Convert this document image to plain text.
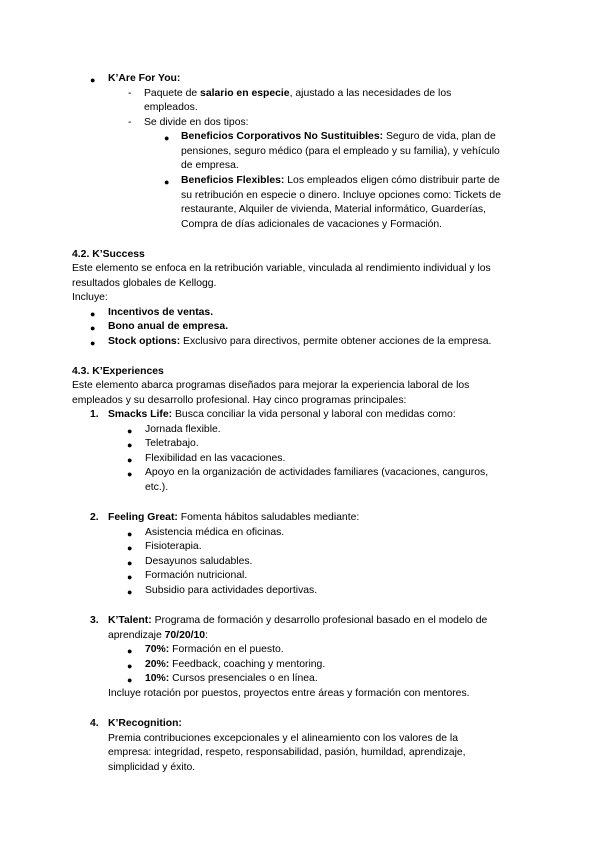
● K’Are For You:
- Paquete de salario en especie, ajustado a las necesidades de los
empleados.
- Se divide en dos tipos:
● Beneficios Corporativos No Sustituibles: Seguro de vida, plan de
pensiones, seguro médico (para el empleado y su familia), y vehículo
de empresa.
● Beneficios Flexibles: Los empleados eligen cómo distribuir parte de
su retribución en especie o dinero. Incluye opciones como: Tickets de
restaurante, Alquiler de vivienda, Material informático, Guarderías,
Compra de días adicionales de vacaciones y Formación.
4.2. K’Success
Este elemento se enfoca en la retribución variable, vinculada al rendimiento individual y los
resultados globales de Kellogg.
Incluye:
● Incentivos de ventas.
● Bono anual de empresa.
● Stock options: Exclusivo para directivos, permite obtener acciones de la empresa.
4.3. K’Experiences
Este elemento abarca programas diseñados para mejorar la experiencia laboral de los
empleados y su desarrollo profesional. Hay cinco programas principales:
1. Smacks Life: Busca conciliar la vida personal y laboral con medidas como:
● Jornada flexible.
● Teletrabajo.
● Flexibilidad en las vacaciones.
● Apoyo en la organización de actividades familiares (vacaciones, canguros,
etc.).
2. Feeling Great: Fomenta hábitos saludables mediante:
● Asistencia médica en oficinas.
● Fisioterapia.
● Desayunos saludables.
● Formación nutricional.
● Subsidio para actividades deportivas.
3. K’Talent: Programa de formación y desarrollo profesional basado en el modelo de
aprendizaje 70/20/10:
● 70%: Formación en el puesto.
● 20%: Feedback, coaching y mentoring.
● 10%: Cursos presenciales o en línea.
Incluye rotación por puestos, proyectos entre áreas y formación con mentores.
4. K’Recognition:
Premia contribuciones excepcionales y el alineamiento con los valores de la
empresa: integridad, respeto, responsabilidad, pasión, humildad, aprendizaje,
simplicidad y éxito.
